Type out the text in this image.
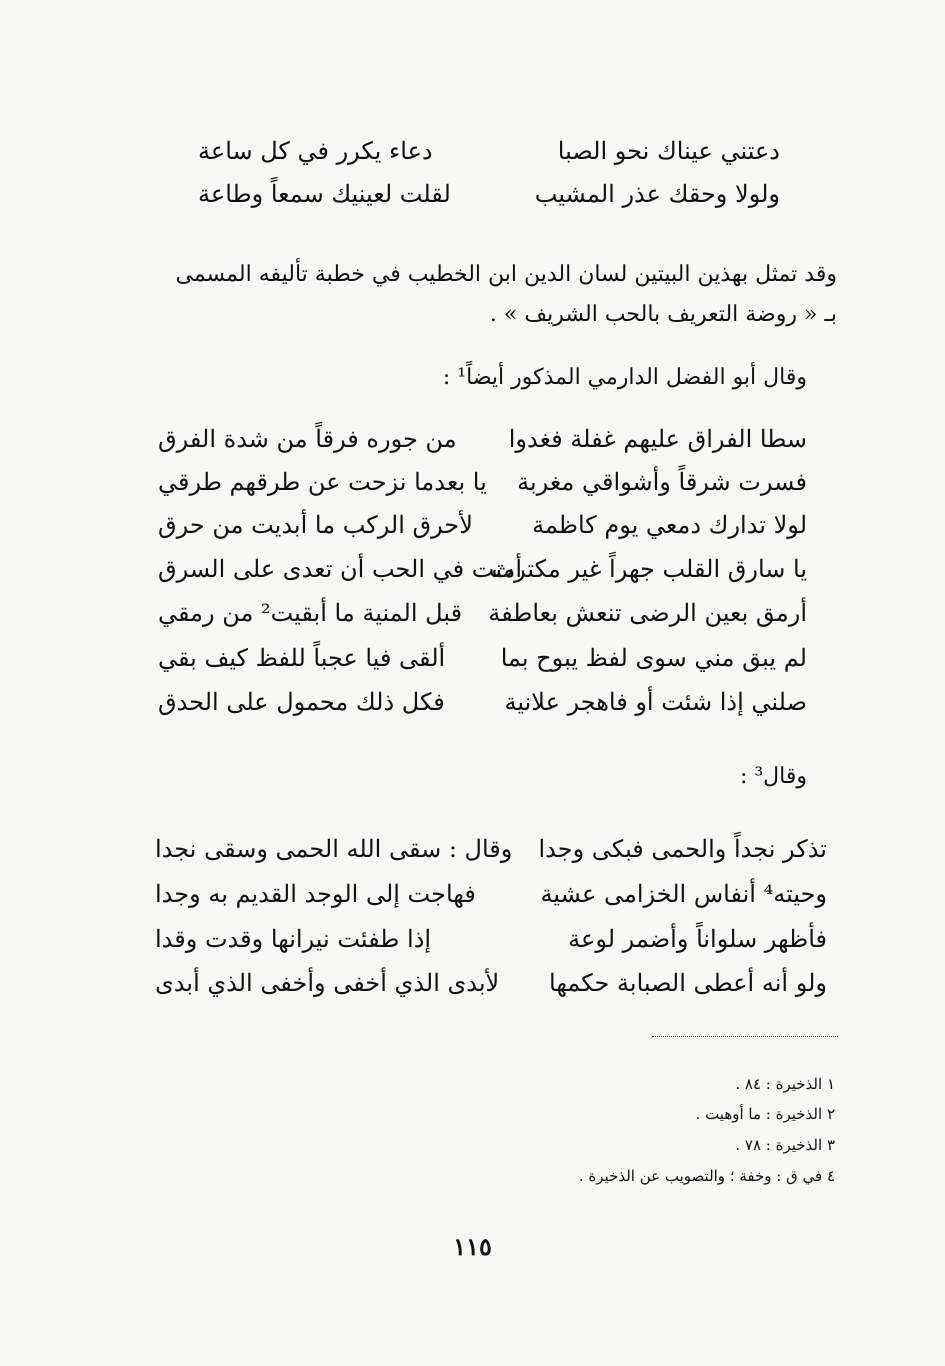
دعتني عيناك نحو الصبا
دعاء يكرر في كل ساعة
ولولا وحقك عذر المشيب
لقلت لعينيك سمعاً وطاعة
وقد تمثل بهذين البيتين لسان الدين ابن الخطيب في خطبة تأليفه المسمى
بـ « روضة التعريف بالحب الشريف » .
وقال أبو الفضل الدارمي المذكور أيضاً¹ :
سطا الفراق عليهم غفلة فغدوا
من جوره فرقاً من شدة الفرق
فسرت شرقاً وأشواقي مغربة
يا بعدما نزحت عن طرقهم طرقي
لولا تدارك دمعي يوم كاظمة
لأحرق الركب ما أبديت من حرق
يا سارق القلب جهراً غير مكترث
أمنت في الحب أن تعدى على السرق
أرمق بعين الرضى تنعش بعاطفة
قبل المنية ما أبقيت² من رمقي
لم يبق مني سوى لفظ يبوح بما
ألقى فيا عجباً للفظ كيف بقي
صلني إذا شئت أو فاهجر علانية
فكل ذلك محمول على الحدق
وقال³ :
تذكر نجداً والحمى فبكى وجدا
وقال : سقى الله الحمى وسقى نجدا
وحيته⁴ أنفاس الخزامى عشية
فهاجت إلى الوجد القديم به وجدا
فأظهر سلواناً وأضمر لوعة
إذا طفئت نيرانها وقدت وقدا
ولو أنه أعطى الصبابة حكمها
لأبدى الذي أخفى وأخفى الذي أبدى
١ الذخيرة : ٨٤ .
٢ الذخيرة : ما أوهيت .
٣ الذخيرة : ٧٨ .
٤ في ق : وخفة ؛ والتصويب عن الذخيرة .
١١٥
